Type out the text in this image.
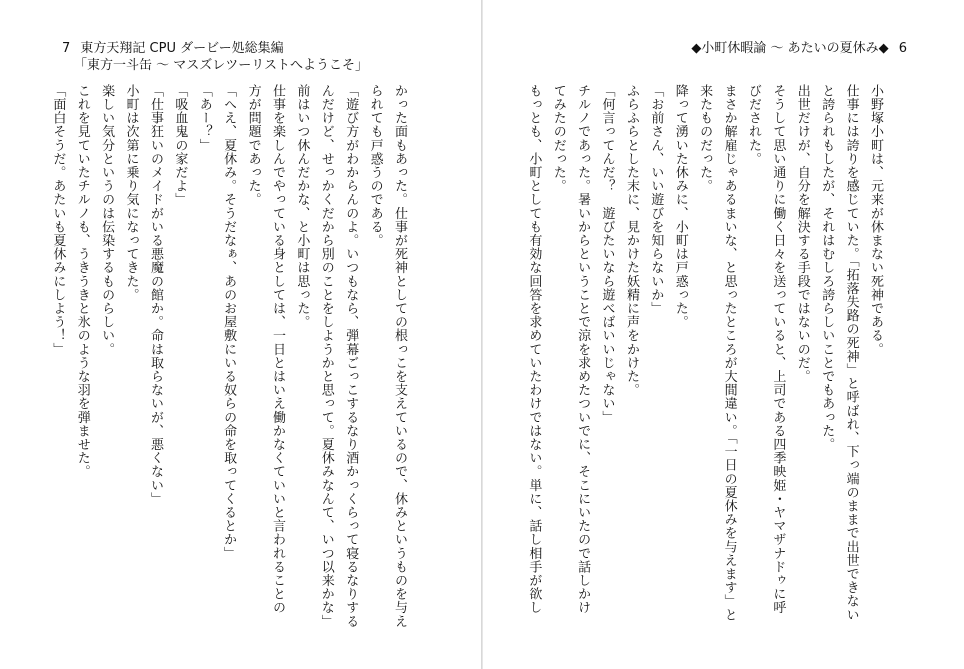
7 東方天翔記 CPU ダービー処総集編
「東方一斗缶 ～ マスズレツーリストへようこそ」

かった面もあった。仕事が死神としての根っこを支えているので、休みというものを与え

られても戸惑うのである。

「遊び方がわからんのよ。いつもなら、弾幕ごっこするなり酒かっくらって寝るなりする

んだけど、せっかくだから別のことをしようかと思って。夏休みなんて、いつ以来かな」

前はいつ休んだかな、と小町は思った。

仕事を楽しんでやっている身としては、一日とはいえ働かなくていいと言われることの

方が問題であった。

「へえ、夏休み。そうだなぁ、あのお屋敷にいる奴らの命を取ってくるとか」

「あー？」

「吸血鬼の家だよ」

「仕事狂いのメイドがいる悪魔の館か。命は取らないが、悪くない」

小町は次第に乗り気になってきた。

楽しい気分というのは伝染するものらしい。

これを見ていたチルノも、うきうきと氷のような羽を弾ませた。

「面白そうだ。あたいも夏休みにしよう！」

◆小町休暇論 ～ あたいの夏休み◆ 6

小野塚小町は、元来が休まない死神である。

仕事には誇りを感じていた。「拓落失路の死神」と呼ばれ、下っ端のままで出世できない

と誇られもしたが、それはむしろ誇らしいことでもあった。

出世だけが、自分を解決する手段ではないのだ。

そうして思い通りに働く日々を送っていると、上司である四季映姫・ヤマザナドゥに呼

びだされた。

まさか解雇じゃあるまいな、と思ったところが大間違い。「一日の夏休みを与えます」と

来たものだった。

降って湧いた休みに、小町は戸惑った。

「お前さん、いい遊びを知らないか」

ふらふらとした末に、見かけた妖精に声をかけた。

「何言ってんだ？　遊びたいなら遊べばいいじゃない」

チルノであった。暑いからということで涼を求めたついでに、そこにいたので話しかけ

てみたのだった。

もっとも、小町としても有効な回答を求めていたわけではない。単に、話し相手が欲し
